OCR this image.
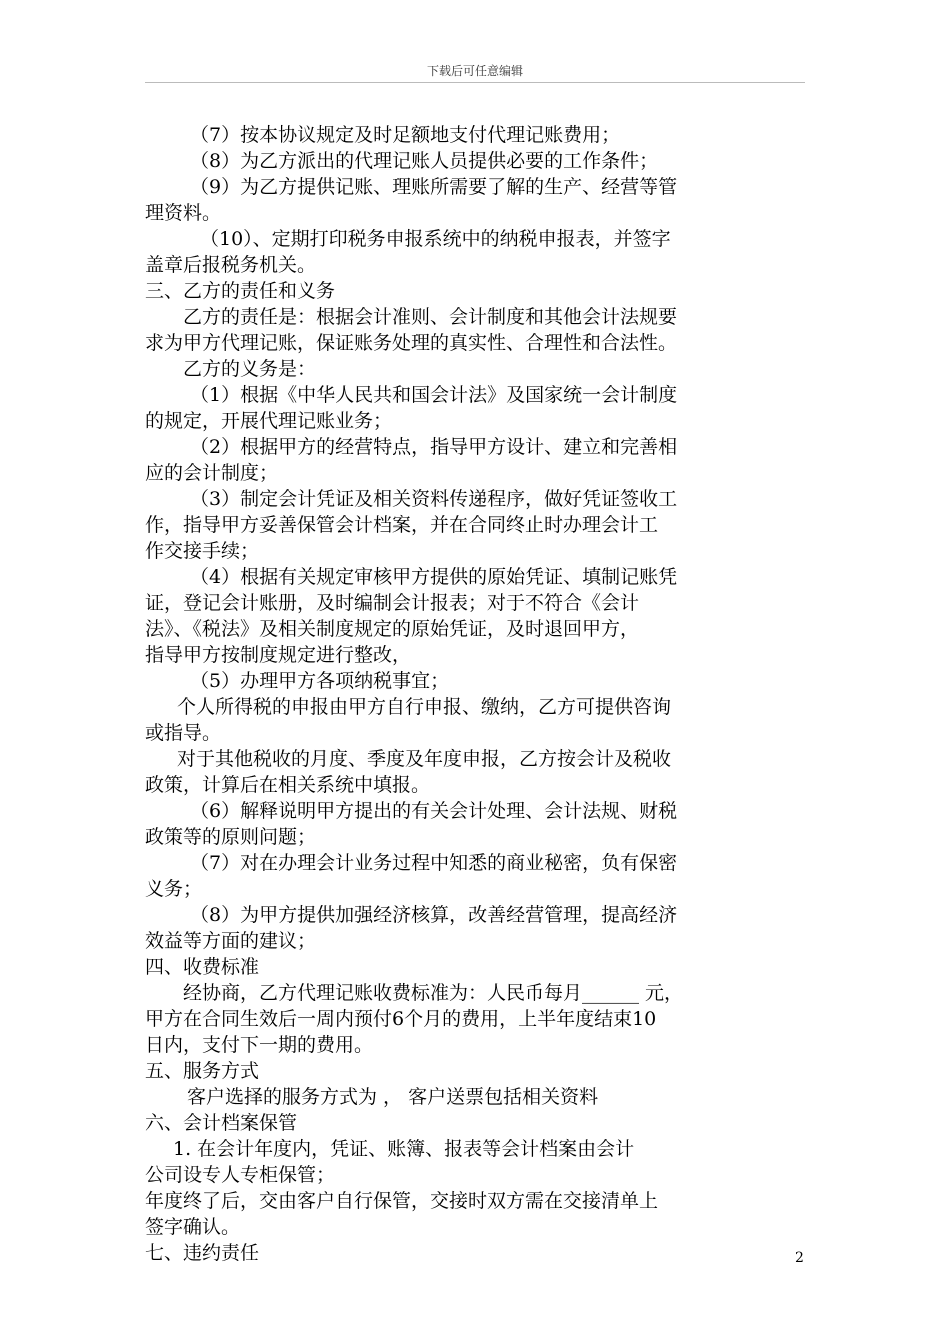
下载后可任意编辑

（7）按本协议规定及时足额地支付代理记账费用；

（8）为乙方派出的代理记账人员提供必要的工作条件；

（9）为乙方提供记账、理账所需要了解的生产、经营等管

理资料。

（10）、定期打印税务申报系统中的纳税申报表，并签字

盖章后报税务机关。

三、乙方的责任和义务

乙方的责任是：根据会计准则、会计制度和其他会计法规要

求为甲方代理记账，保证账务处理的真实性、合理性和合法性。

乙方的义务是：

（1）根据《中华人民共和国会计法》及国家统一会计制度

的规定，开展代理记账业务；

（2）根据甲方的经营特点，指导甲方设计、建立和完善相

应的会计制度；

（3）制定会计凭证及相关资料传递程序，做好凭证签收工

作，指导甲方妥善保管会计档案，并在合同终止时办理会计工

作交接手续；

（4）根据有关规定审核甲方提供的原始凭证、填制记账凭

证，登记会计账册，及时编制会计报表；对于不符合《会计

法》、《税法》及相关制度规定的原始凭证，及时退回甲方，

指导甲方按制度规定进行整改，

（5）办理甲方各项纳税事宜；

个人所得税的申报由甲方自行申报、缴纳，乙方可提供咨询

或指导。

对于其他税收的月度、季度及年度申报，乙方按会计及税收

政策，计算后在相关系统中填报。

（6）解释说明甲方提出的有关会计处理、会计法规、财税

政策等的原则问题；

（7）对在办理会计业务过程中知悉的商业秘密，负有保密

义务；

（8）为甲方提供加强经济核算，改善经营管理，提高经济

效益等方面的建议；

四、收费标准

经协商，乙方代理记账收费标准为：人民币每月______ 元，

甲方在合同生效后一周内预付6个月的费用，上半年度结束10

日内，支付下一期的费用。

五、服务方式

客户选择的服务方式为 ， 客户送票包括相关资料

六、会计档案保管

1. 在会计年度内，凭证、账簿、报表等会计档案由会计

公司设专人专柜保管；

年度终了后，交由客户自行保管，交接时双方需在交接清单上

签字确认。

七、违约责任	2
